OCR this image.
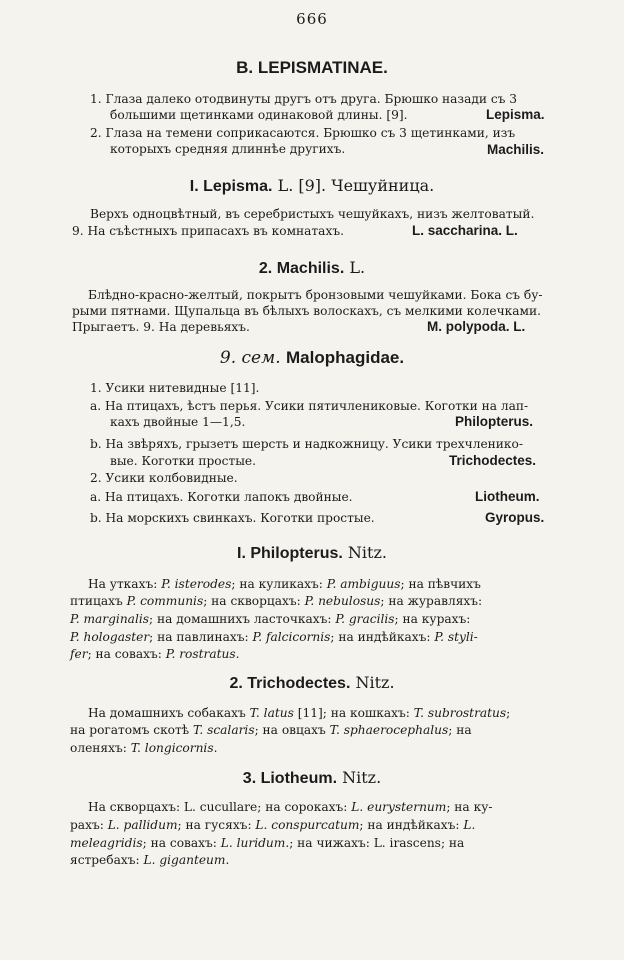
666
B. LEPISMATINAE.
1. Глаза далеко отодвинуты другъ отъ друга. Брюшко назади съ 3
большими щетинками одинаковой длины. [9].	Lepisma.
2. Глаза на темени соприкасаются. Брюшко съ 3 щетинками, изъ
которыхъ средняя длиннѣе другихъ.	Machilis.
I. Lepisma. L. [9]. Чешуйница.
Верхъ одноцвѣтный, въ серебристыхъ чешуйкахъ, низъ желтоватый.
9. На съѣстныхъ припасахъ въ комнатахъ.	L. saccharina. L.
2. Machilis. L.
Блѣдно-красно-желтый, покрытъ бронзовыми чешуйками. Бока съ бу-
рыми пятнами. Щупальца въ бѣлыхъ волоскахъ, съ мелкими колечками.
Прыгаетъ. 9. На деревьяхъ.	M. polypoda. L.
9. сем. Malophagidae.
1. Усики нитевидные [11].
a. На птицахъ, ѣстъ перья. Усики пятичлениковые. Коготки на лап-
кахъ двойные 1—1,5.	Philopterus.
b. На звѣряхъ, грызетъ шерсть и надкожницу. Усики трехчленико-
вые. Коготки простые.	Trichodectes.
2. Усики колбовидные.
a. На птицахъ. Коготки лапокъ двойные.	Liotheum.
b. На морскихъ свинкахъ. Коготки простые.	Gyropus.
I. Philopterus. Nitz.
На уткахъ: P. isterodes; на куликахъ: P. ambiguus; на пѣвчихъ
птицахъ P. communis; на скворцахъ: P. nebulosus; на журавляхъ:
P. marginalis; на домашнихъ ласточкахъ: P. gracilis; на курахъ:
P. hologaster; на павлинахъ: P. falcicornis; на индѣйкахъ: P. styli-
fer; на совахъ: P. rostratus.
2. Trichodectes. Nitz.
На домашнихъ собакахъ T. latus [11]; на кошкахъ: T. subrostratus;
на рогатомъ скотѣ T. scalaris; на овцахъ T. sphaerocephalus; на
оленяхъ: T. longicornis.
3. Liotheum. Nitz.
На скворцахъ: L. cucullare; на сорокахъ: L. eurysternum; на ку-
рахъ: L. pallidum; на гусяхъ: L. conspurcatum; на индѣйкахъ: L.
meleagridis; на совахъ: L. luridum.; на чижахъ: L. irascens; на
ястребахъ: L. giganteum.
